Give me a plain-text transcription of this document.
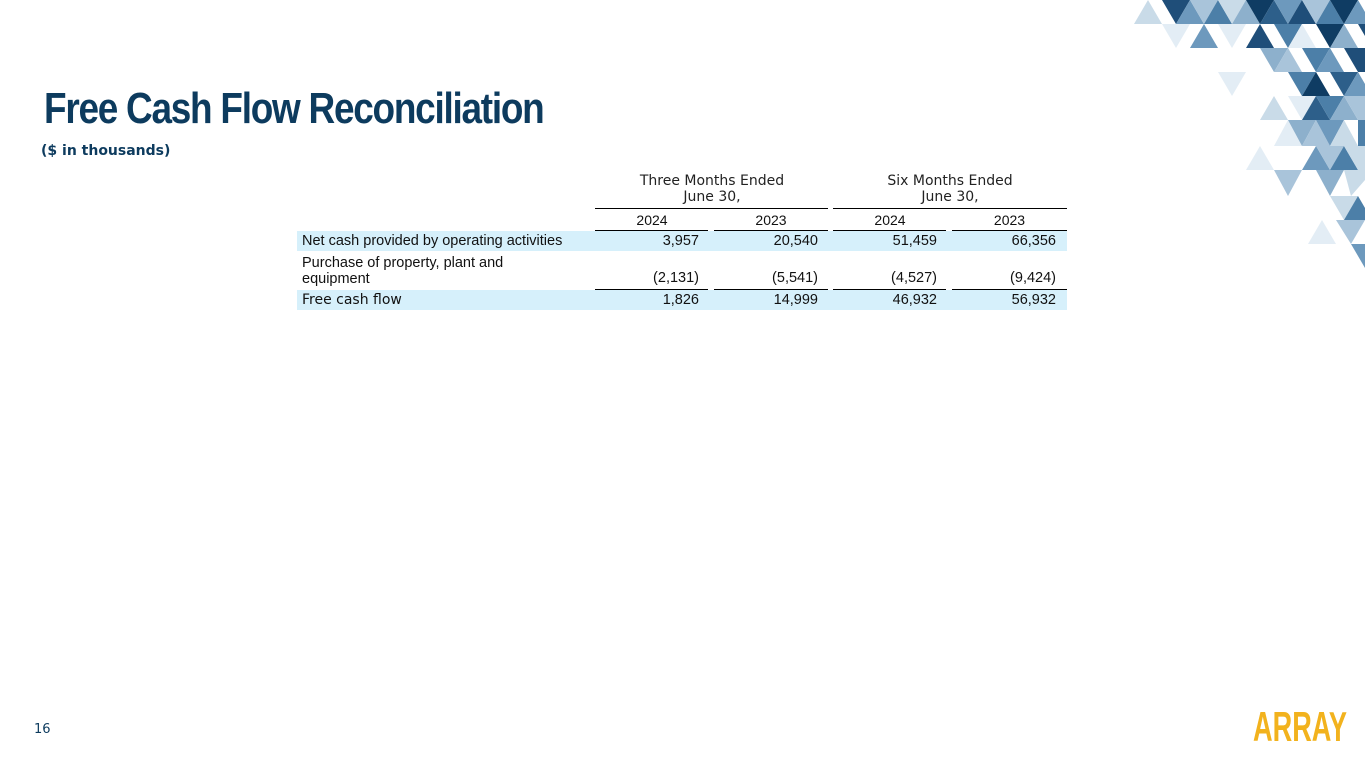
Free Cash Flow Reconciliation
($ in thousands)
Three Months Ended
June 30,
Six Months Ended
June 30,
2024	2023	2024	2023
Net cash provided by operating activities	3,957	20,540	51,459	66,356
Purchase of property, plant and
equipment	(2,131)	(5,541)	(4,527)	(9,424)
Free cash flow	1,826	14,999	46,932	56,932
16	ARRAY
